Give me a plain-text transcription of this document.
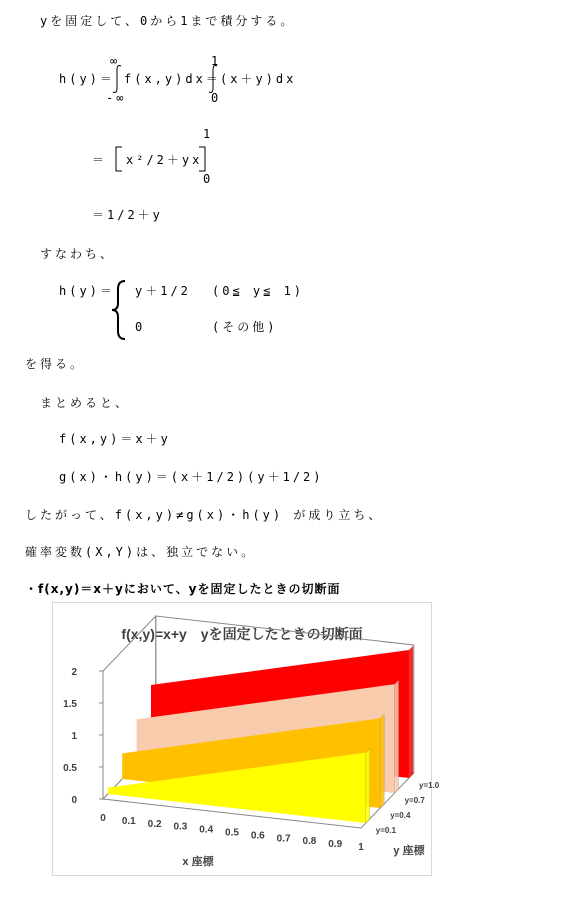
yを固定して、0から1まで積分する。
h(y)＝
∞
-∞
f(x,y)dx＝
1
0
(x＋y)dx
＝ x²/2＋yx
1
0
＝1/2＋y
すなわち、
h(y)＝ y＋1/2 (0≦ y≦ 1)
0	(その他)
を得る。
まとめると、
f(x,y)＝x＋y
g(x)・h(y)＝(x＋1/2)(y＋1/2)
したがって、f(x,y)≠g(x)・h(y) が成り立ち、
確率変数(X,Y)は、独立でない。
・f(x,y)＝x＋yにおいて、yを固定したときの切断面
f(x,y)=x+y　yを固定したときの切断面
0
0.5
1
1.5
2
0 0.1 0.2 0.3 0.4 0.5 0.6 0.7 0.8 0.9 1
y=0.1
y=0.4
y=0.7
y=1.0
x 座標
y 座標
